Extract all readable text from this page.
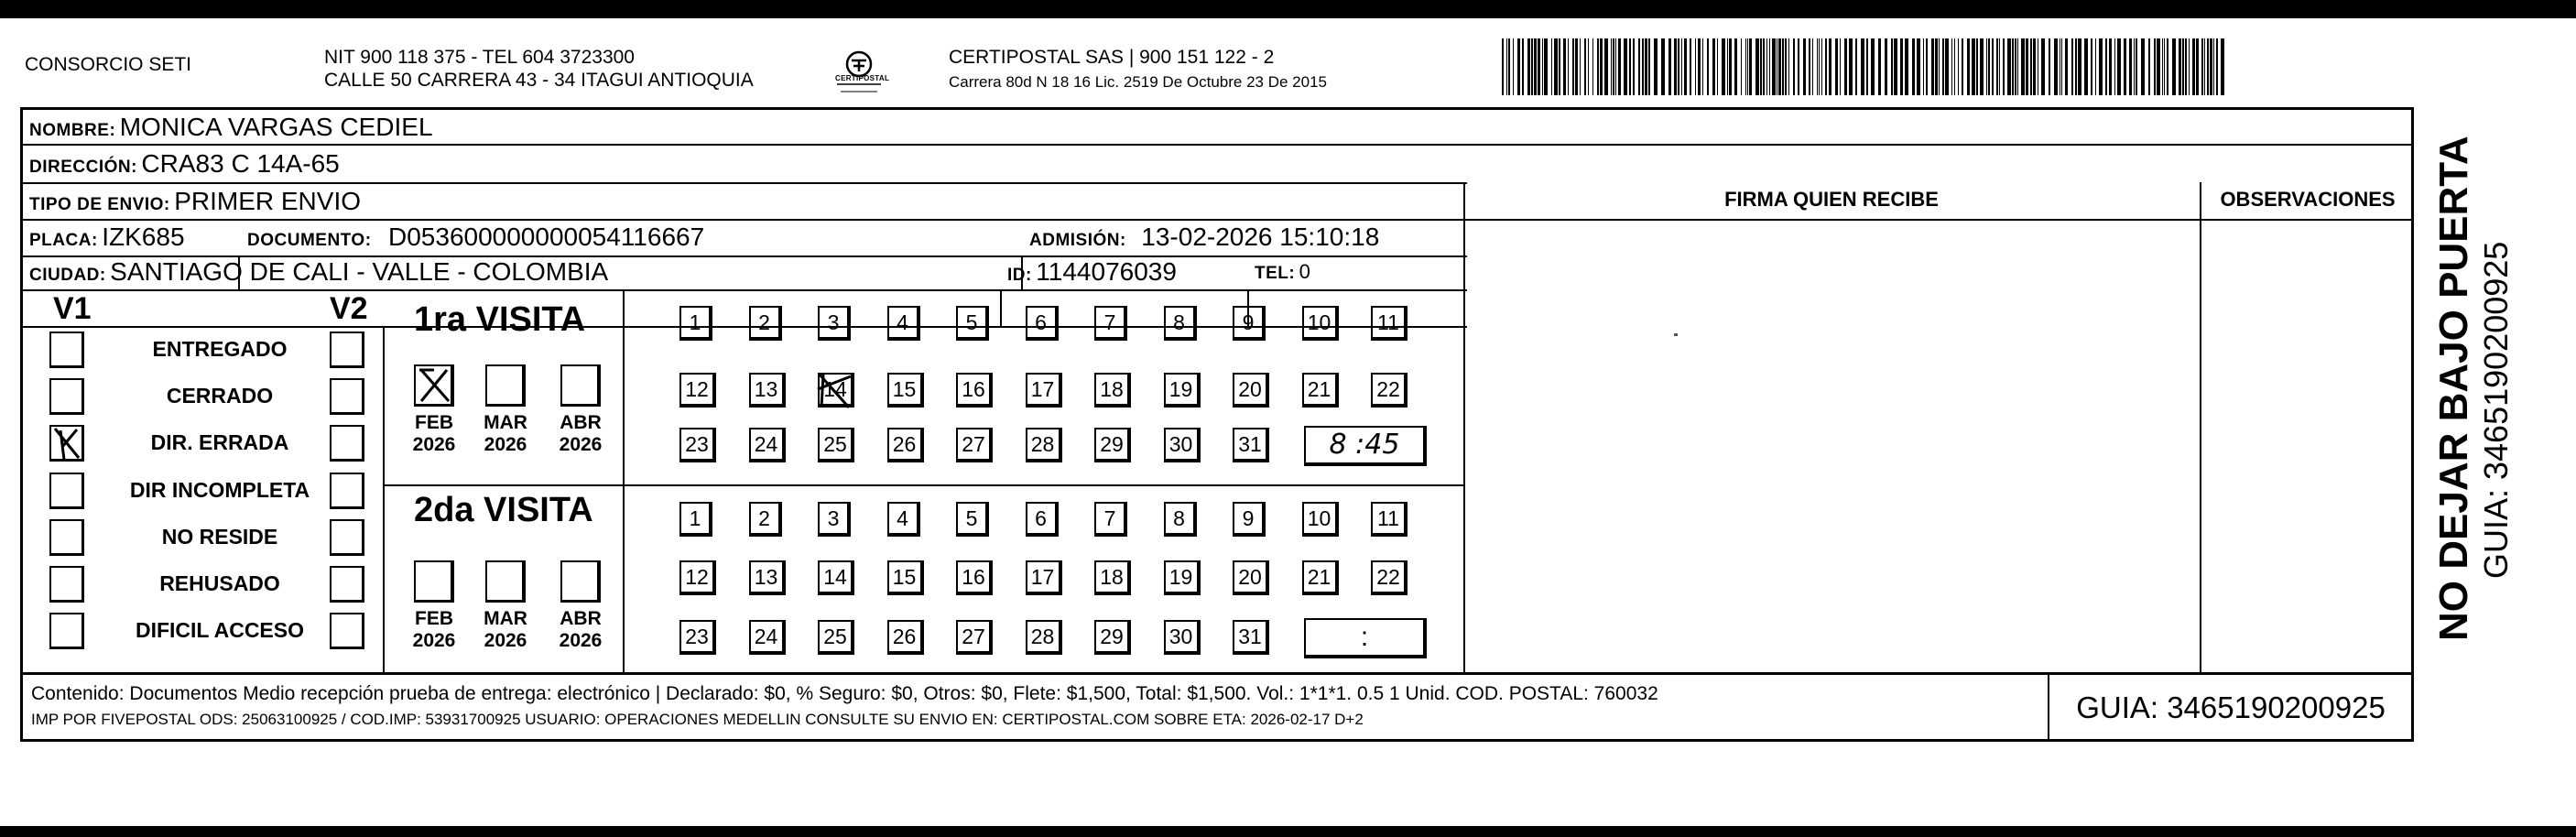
CONSORCIO SETI	NIT 900 118 375 - TEL 604 3723300
CALLE 50 CARRERA 43 - 34 ITAGUI ANTIOQUIA	CERTIPOSTAL
CERTIPOSTAL SAS | 900 151 122 - 2
Carrera 80d N 18 16 Lic. 2519 De Octubre 23 De 2015
NOMBRE: MONICA VARGAS CEDIEL
DIRECCIÓN: CRA83 C 14A-65
TIPO DE ENVIO: PRIMER ENVIO
PLACA: IZK685	DOCUMENTO: D053600000000054116667	ADMISIÓN: 13-02-2026 15:10:18
CIUDAD: SANTIAGO DE CALI - VALLE - COLOMBIA	ID: 1144076039	TEL: 0
FIRMA QUIEN RECIBE	OBSERVACIONES
V1	V2
ENTREGADO
CERRADO
DIR. ERRADA
DIR INCOMPLETA
NO RESIDE
REHUSADO
DIFICIL ACCESO
1ra VISITA
FEB
2026
MAR
2026
ABR
2026
1	2	3	4	5	6	7	8	9	10	11
12	13	14	15	16	17	18	19	20	21	22
23	24	25	26	27	28	29	30	31	8 :45
2da VISITA
FEB
2026
MAR
2026
ABR
2026
1	2	3	4	5	6	7	8	9	10	11
12	13	14	15	16	17	18	19	20	21	22
23	24	25	26	27	28	29	30	31	:
Contenido: Documentos Medio recepción prueba de entrega: electrónico | Declarado: $0, % Seguro: $0, Otros: $0, Flete: $1,500, Total: $1,500. Vol.: 1*1*1. 0.5 1 Unid. COD. POSTAL: 760032
IMP POR FIVEPOSTAL ODS: 25063100925 / COD.IMP: 53931700925 USUARIO: OPERACIONES MEDELLIN CONSULTE SU ENVIO EN: CERTIPOSTAL.COM SOBRE ETA: 2026-02-17 D+2	GUIA: 3465190200925
NO DEJAR BAJO PUERTA GUIA: 3465190200925
